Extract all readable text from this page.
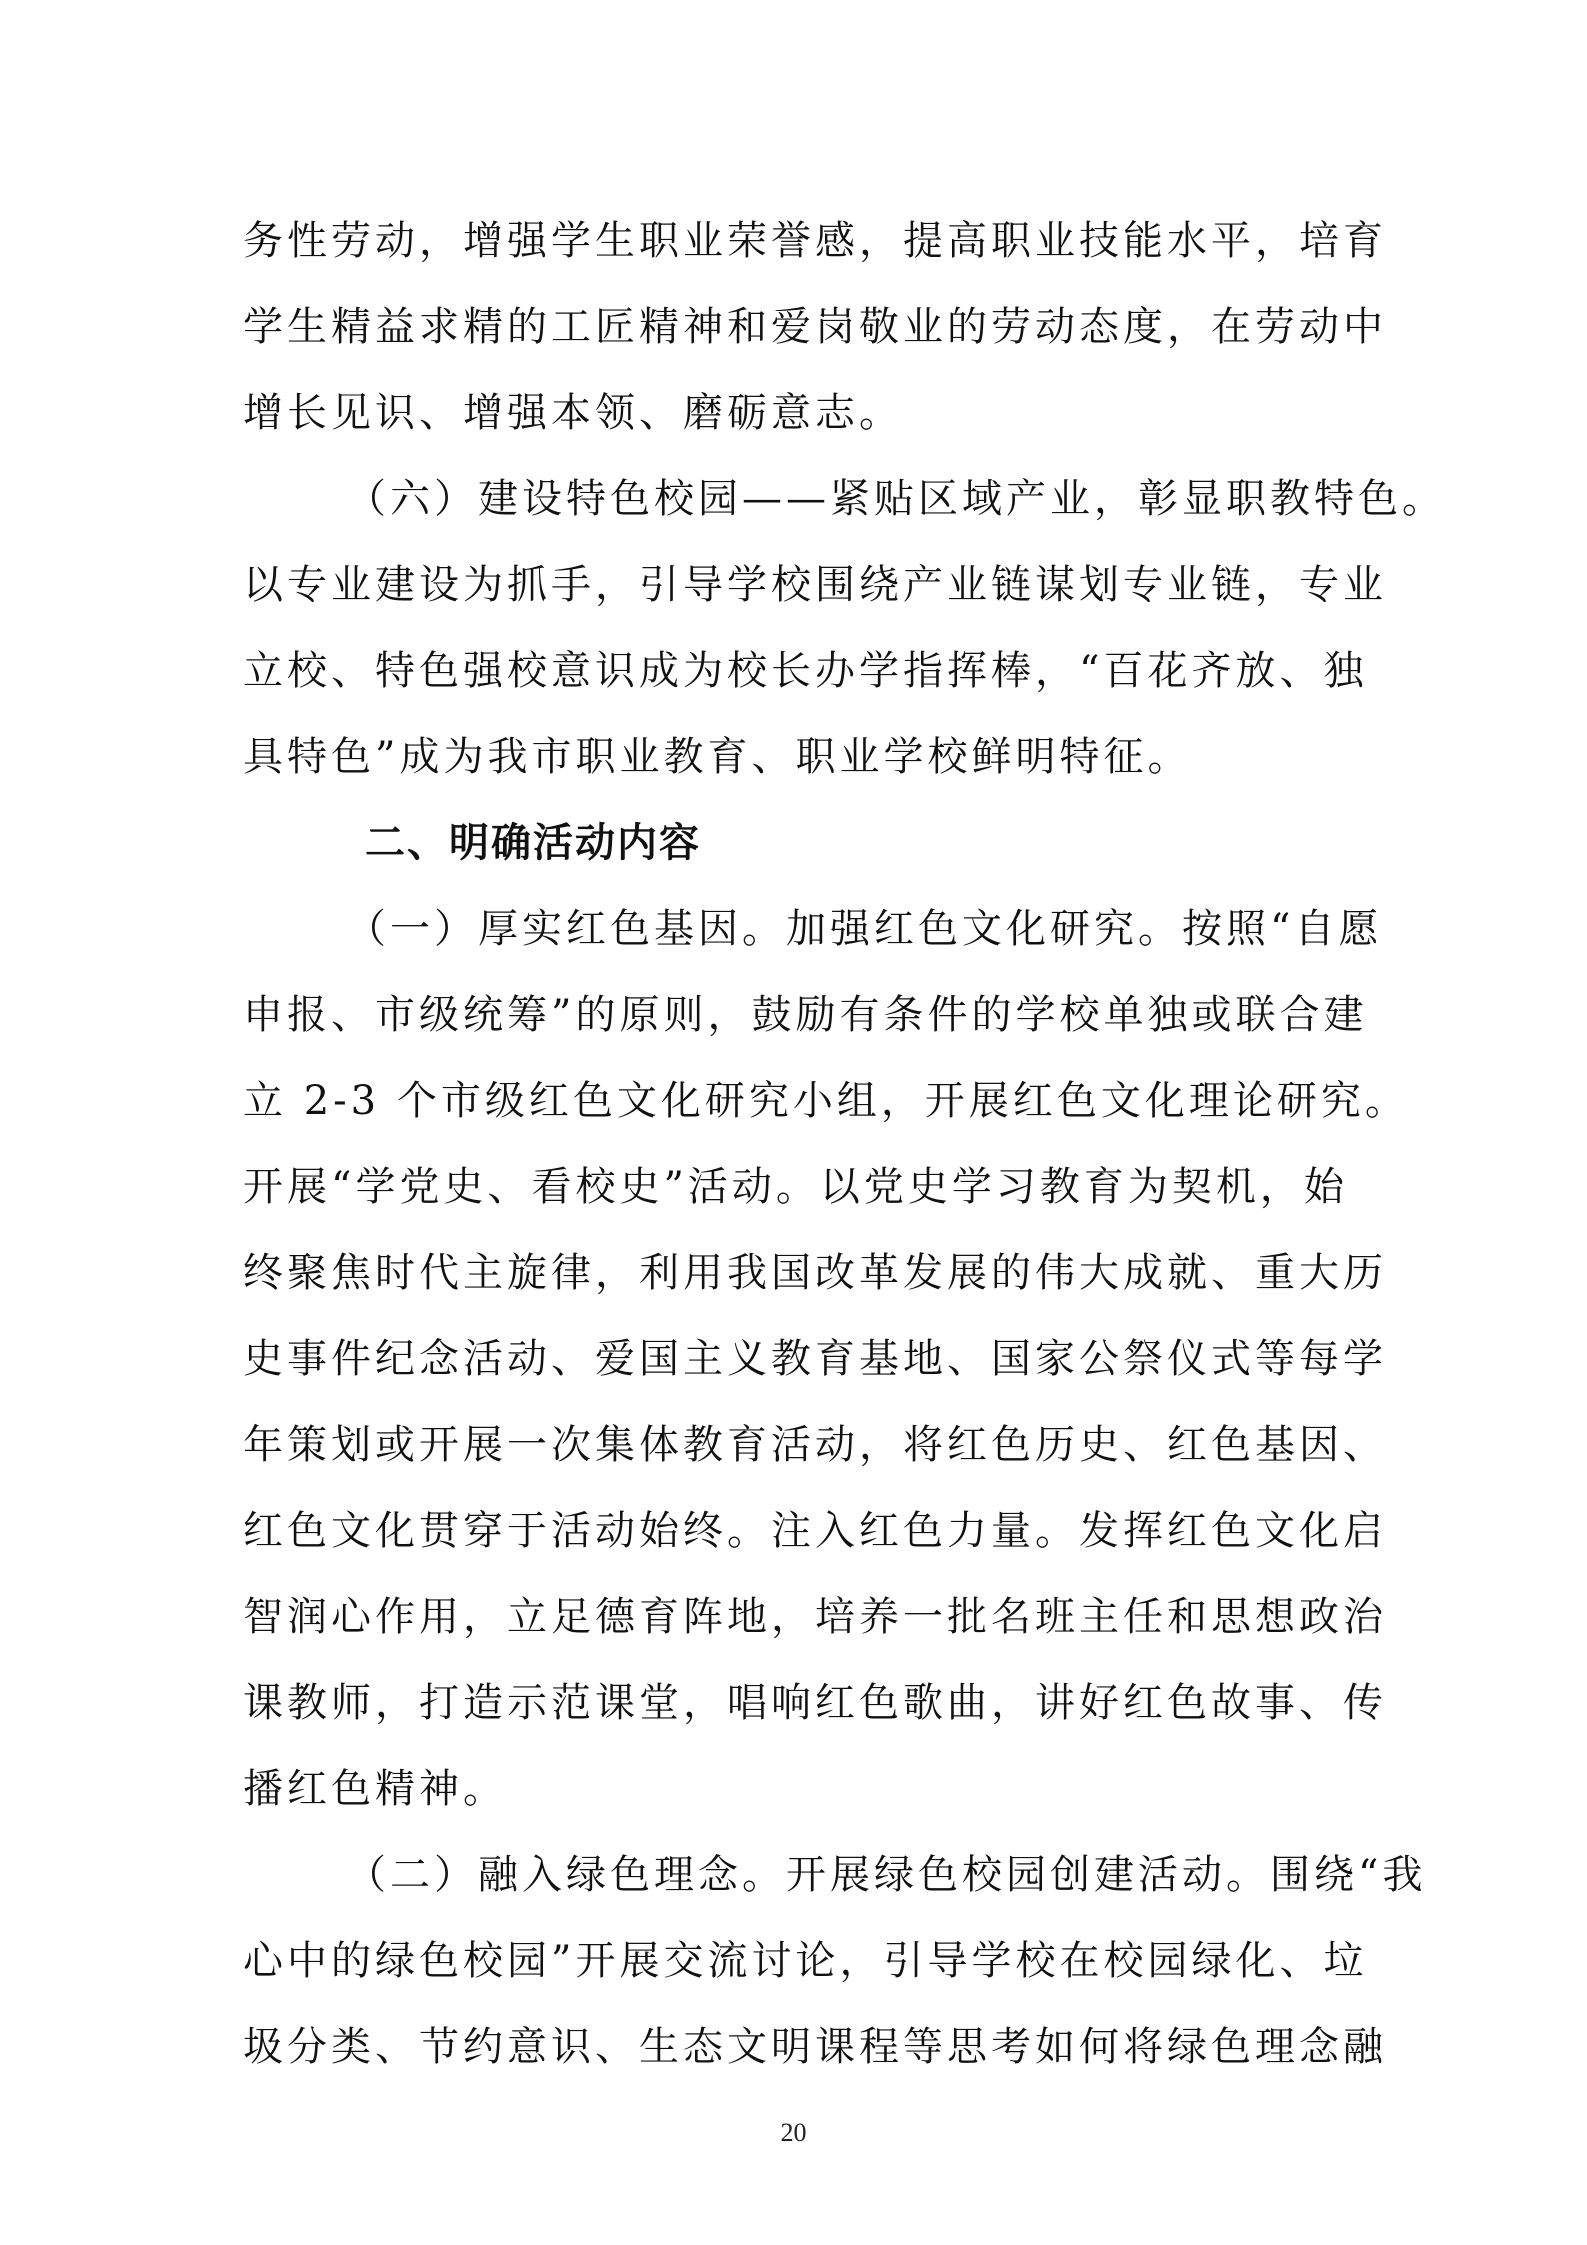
务性劳动，增强学生职业荣誉感，提高职业技能水平，培育
学生精益求精的工匠精神和爱岗敬业的劳动态度，在劳动中
增长见识、增强本领、磨砺意志。
（六）建设特色校园——紧贴区域产业，彰显职教特色。
以专业建设为抓手，引导学校围绕产业链谋划专业链，专业
立校、特色强校意识成为校长办学指挥棒，“百花齐放、独
具特色”成为我市职业教育、职业学校鲜明特征。
二、明确活动内容
（一）厚实红色基因。加强红色文化研究。按照“自愿
申报、市级统筹”的原则，鼓励有条件的学校单独或联合建
立 2-3 个市级红色文化研究小组，开展红色文化理论研究。
开展“学党史、看校史”活动。以党史学习教育为契机，始
终聚焦时代主旋律，利用我国改革发展的伟大成就、重大历
史事件纪念活动、爱国主义教育基地、国家公祭仪式等每学
年策划或开展一次集体教育活动，将红色历史、红色基因、
红色文化贯穿于活动始终。注入红色力量。发挥红色文化启
智润心作用，立足德育阵地，培养一批名班主任和思想政治
课教师，打造示范课堂，唱响红色歌曲，讲好红色故事、传
播红色精神。
（二）融入绿色理念。开展绿色校园创建活动。围绕“我
心中的绿色校园”开展交流讨论，引导学校在校园绿化、垃
圾分类、节约意识、生态文明课程等思考如何将绿色理念融
20
